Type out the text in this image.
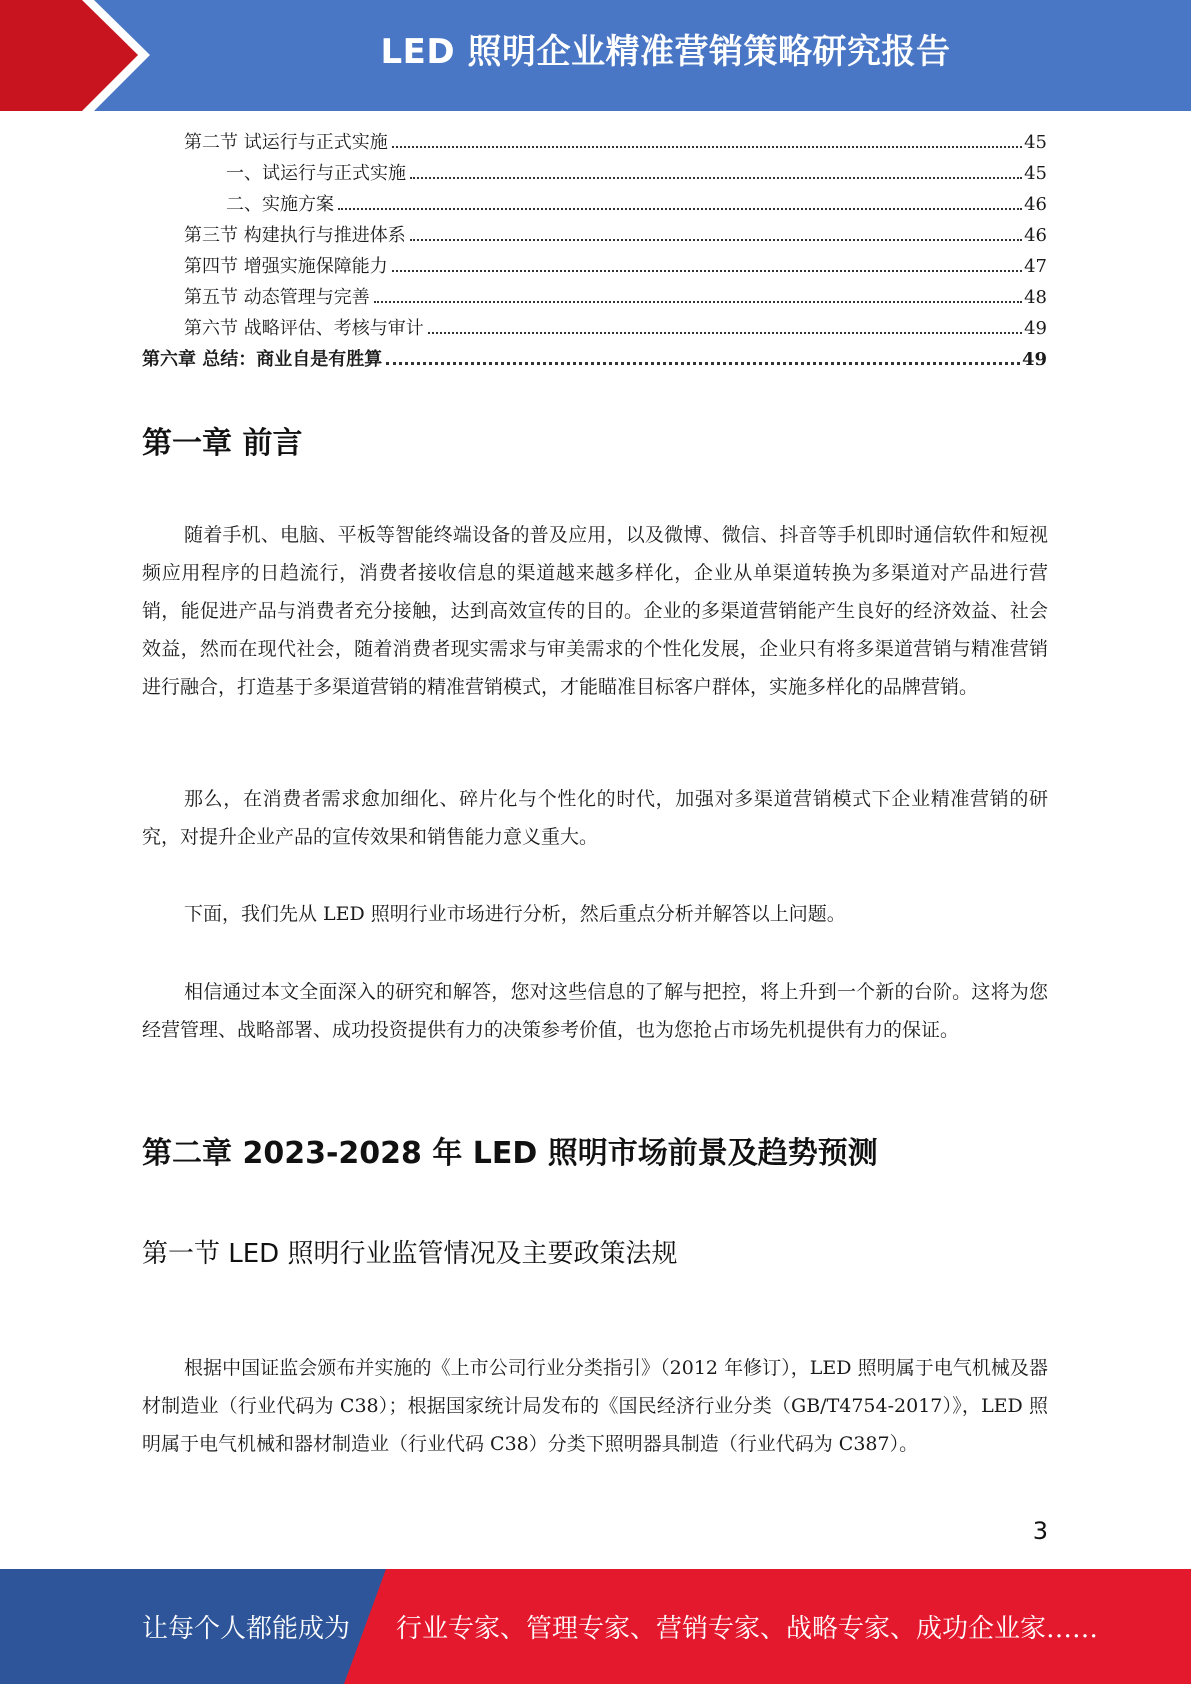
LED 照明企业精准营销策略研究报告
第二节 试运行与正式实施	45
一、试运行与正式实施	45
二、实施方案	46
第三节 构建执行与推进体系	46
第四节 增强实施保障能力	47
第五节 动态管理与完善	48
第六节 战略评估、考核与审计	49
第六章 总结：商业自是有胜算	49
第一章 前言

随着手机、电脑、平板等智能终端设备的普及应用，以及微博、微信、抖音等手机即时通信软件和短视频应用程序的日趋流行，消费者接收信息的渠道越来越多样化，企业从单渠道转换为多渠道对产品进行营销，能促进产品与消费者充分接触，达到高效宣传的目的。企业的多渠道营销能产生良好的经济效益、社会效益，然而在现代社会，随着消费者现实需求与审美需求的个性化发展，企业只有将多渠道营销与精准营销进行融合，打造基于多渠道营销的精准营销模式，才能瞄准目标客户群体，实施多样化的品牌营销。

那么，在消费者需求愈加细化、碎片化与个性化的时代，加强对多渠道营销模式下企业精准营销的研究，对提升企业产品的宣传效果和销售能力意义重大。

下面，我们先从 LED 照明行业市场进行分析，然后重点分析并解答以上问题。

相信通过本文全面深入的研究和解答，您对这些信息的了解与把控，将上升到一个新的台阶。这将为您经营管理、战略部署、成功投资提供有力的决策参考价值，也为您抢占市场先机提供有力的保证。

第二章 2023-2028 年 LED 照明市场前景及趋势预测
第一节 LED 照明行业监管情况及主要政策法规

根据中国证监会颁布并实施的《上市公司行业分类指引》（2012 年修订），LED 照明属于电气机械及器材制造业（行业代码为 C38）；根据国家统计局发布的《国民经济行业分类（GB/T4754-2017）》，LED 照明属于电气机械和器材制造业（行业代码 C38）分类下照明器具制造（行业代码为 C387）。

3
让每个人都能成为 行业专家、管理专家、营销专家、战略专家、成功企业家……
